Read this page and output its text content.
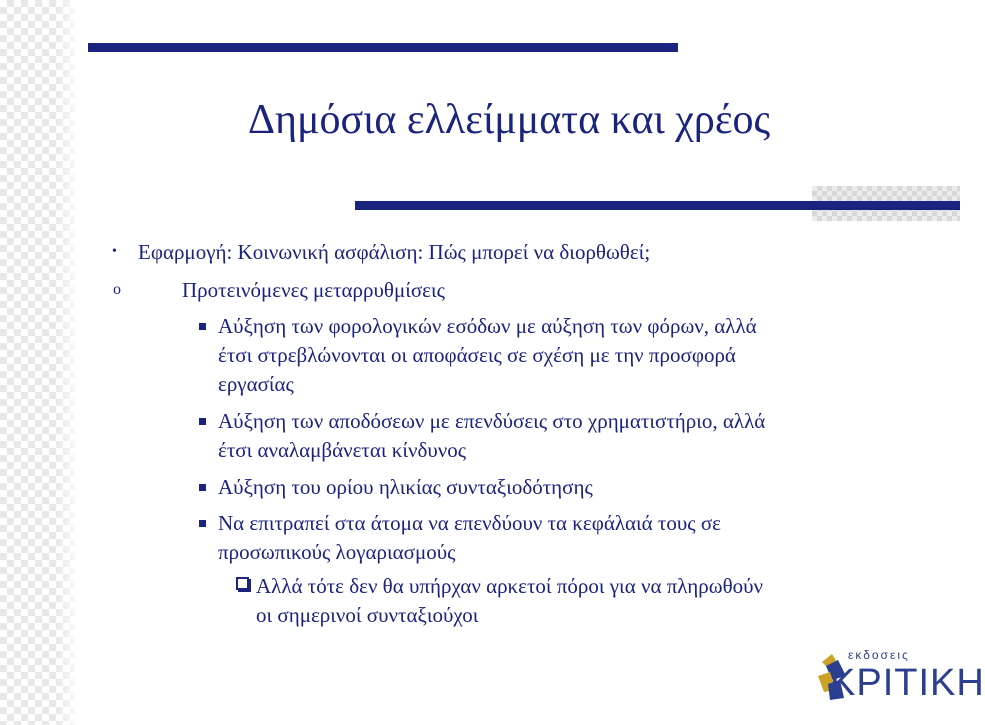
Δημόσια ελλείμματα και χρέος
• Εφαρμογή: Κοινωνική ασφάλιση: Πώς μπορεί να διορθωθεί;
o	Προτεινόμενες μεταρρυθμίσεις
Αύξηση των φορολογικών εσόδων με αύξηση των φόρων, αλλά
έτσι στρεβλώνονται οι αποφάσεις σε σχέση με την προσφορά
εργασίας
Αύξηση των αποδόσεων με επενδύσεις στο χρηματιστήριο, αλλά
έτσι αναλαμβάνεται κίνδυνος
Αύξηση του ορίου ηλικίας συνταξιοδότησης
Να επιτραπεί στα άτομα να επενδύουν τα κεφάλαιά τους σε
προσωπικούς λογαριασμούς
Αλλά τότε δεν θα υπήρχαν αρκετοί πόροι για να πληρωθούν
οι σημερινοί συνταξιούχοι
εκδοσεις
ΚΡΙΤΙΚΗ
